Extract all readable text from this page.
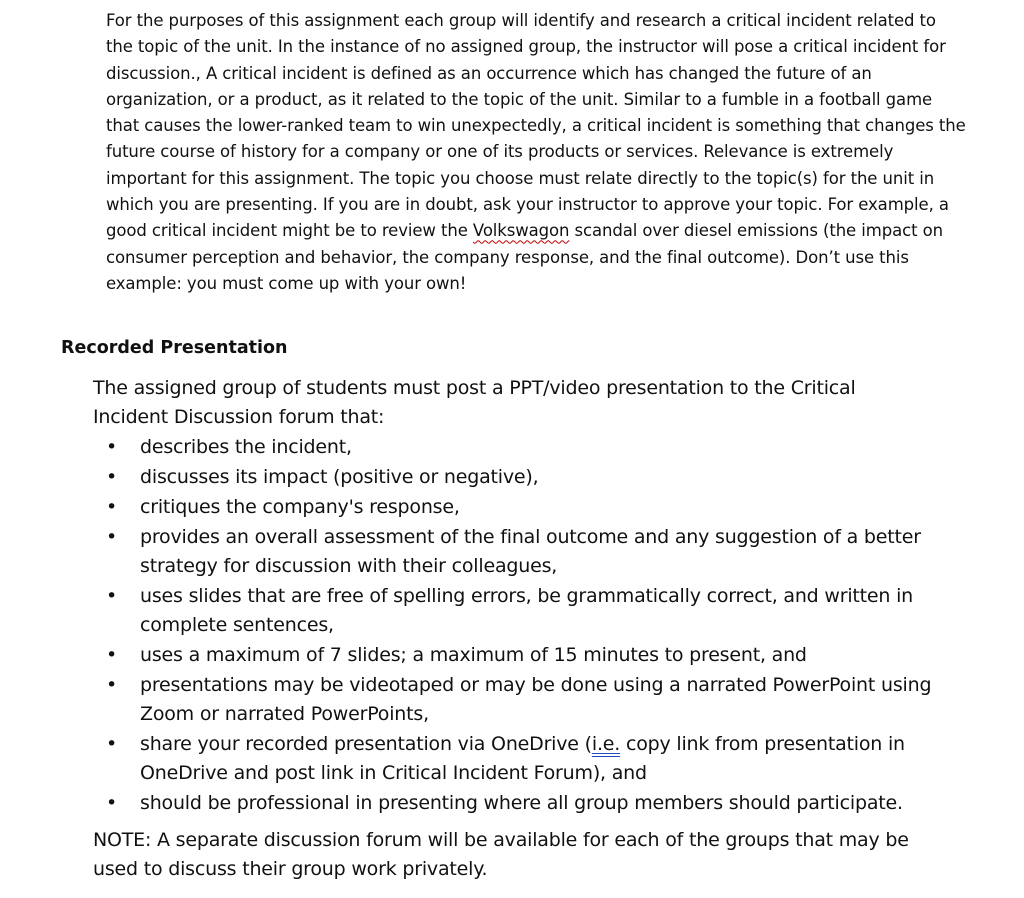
For the purposes of this assignment each group will identify and research a critical incident related to the topic of the unit. In the instance of no assigned group, the instructor will pose a critical incident for discussion., A critical incident is defined as an occurrence which has changed the future of an organization, or a product, as it related to the topic of the unit. Similar to a fumble in a football game that causes the lower-ranked team to win unexpectedly, a critical incident is something that changes the future course of history for a company or one of its products or services. Relevance is extremely important for this assignment. The topic you choose must relate directly to the topic(s) for the unit in which you are presenting. If you are in doubt, ask your instructor to approve your topic. For example, a good critical incident might be to review the Volkswagon scandal over diesel emissions (the impact on consumer perception and behavior, the company response, and the final outcome). Don’t use this example: you must come up with your own!

Recorded Presentation

The assigned group of students must post a PPT/video presentation to the Critical Incident Discussion forum that:

• describes the incident,
• discusses its impact (positive or negative),
• critiques the company's response,
• provides an overall assessment of the final outcome and any suggestion of a better strategy for discussion with their colleagues,
• uses slides that are free of spelling errors, be grammatically correct, and written in complete sentences,
• uses a maximum of 7 slides; a maximum of 15 minutes to present, and
• presentations may be videotaped or may be done using a narrated PowerPoint using Zoom or narrated PowerPoints,
• share your recorded presentation via OneDrive (i.e. copy link from presentation in OneDrive and post link in Critical Incident Forum), and
• should be professional in presenting where all group members should participate.

NOTE: A separate discussion forum will be available for each of the groups that may be used to discuss their group work privately.
